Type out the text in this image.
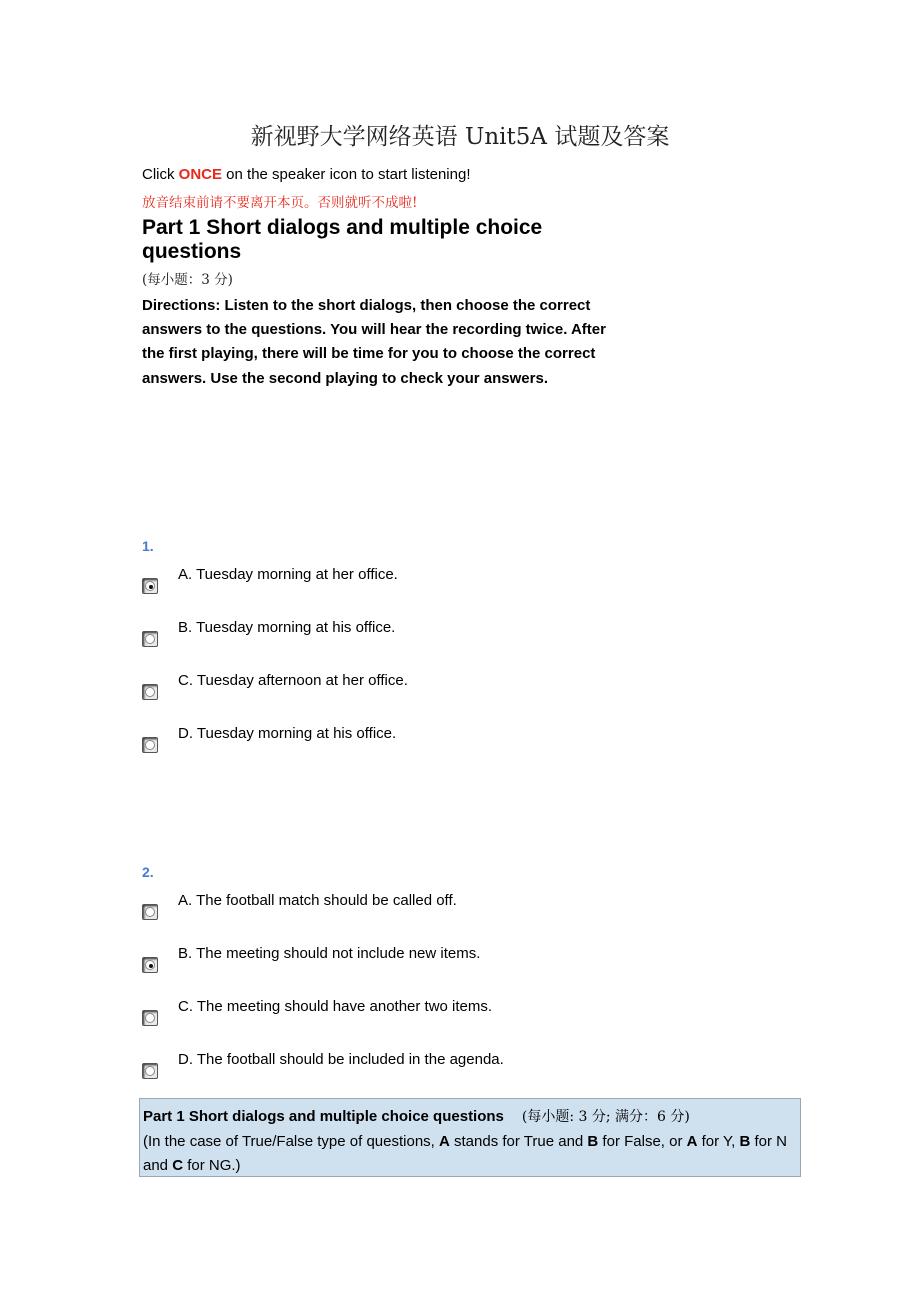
新视野大学网络英语 Unit5A 试题及答案
Click ONCE on the speaker icon to start listening!
放音结束前请不要离开本页。否则就听不成啦!
Part 1 Short dialogs and multiple choice questions
(每小题：3 分)
Directions: Listen to the short dialogs, then choose the correct answers to the questions. You will hear the recording twice. After the first playing, there will be time for you to choose the correct answers. Use the second playing to check your answers.
1.
A. Tuesday morning at her office.
B. Tuesday morning at his office.
C. Tuesday afternoon at her office.
D. Tuesday morning at his office.
2.
A. The football match should be called off.
B. The meeting should not include new items.
C. The meeting should have another two items.
D. The football should be included in the agenda.
Part 1 Short dialogs and multiple choice questions (每小题: 3 分; 满分：6 分)
(In the case of True/False type of questions, A stands for True and B for False, or A for Y, B for N and C for NG.)
